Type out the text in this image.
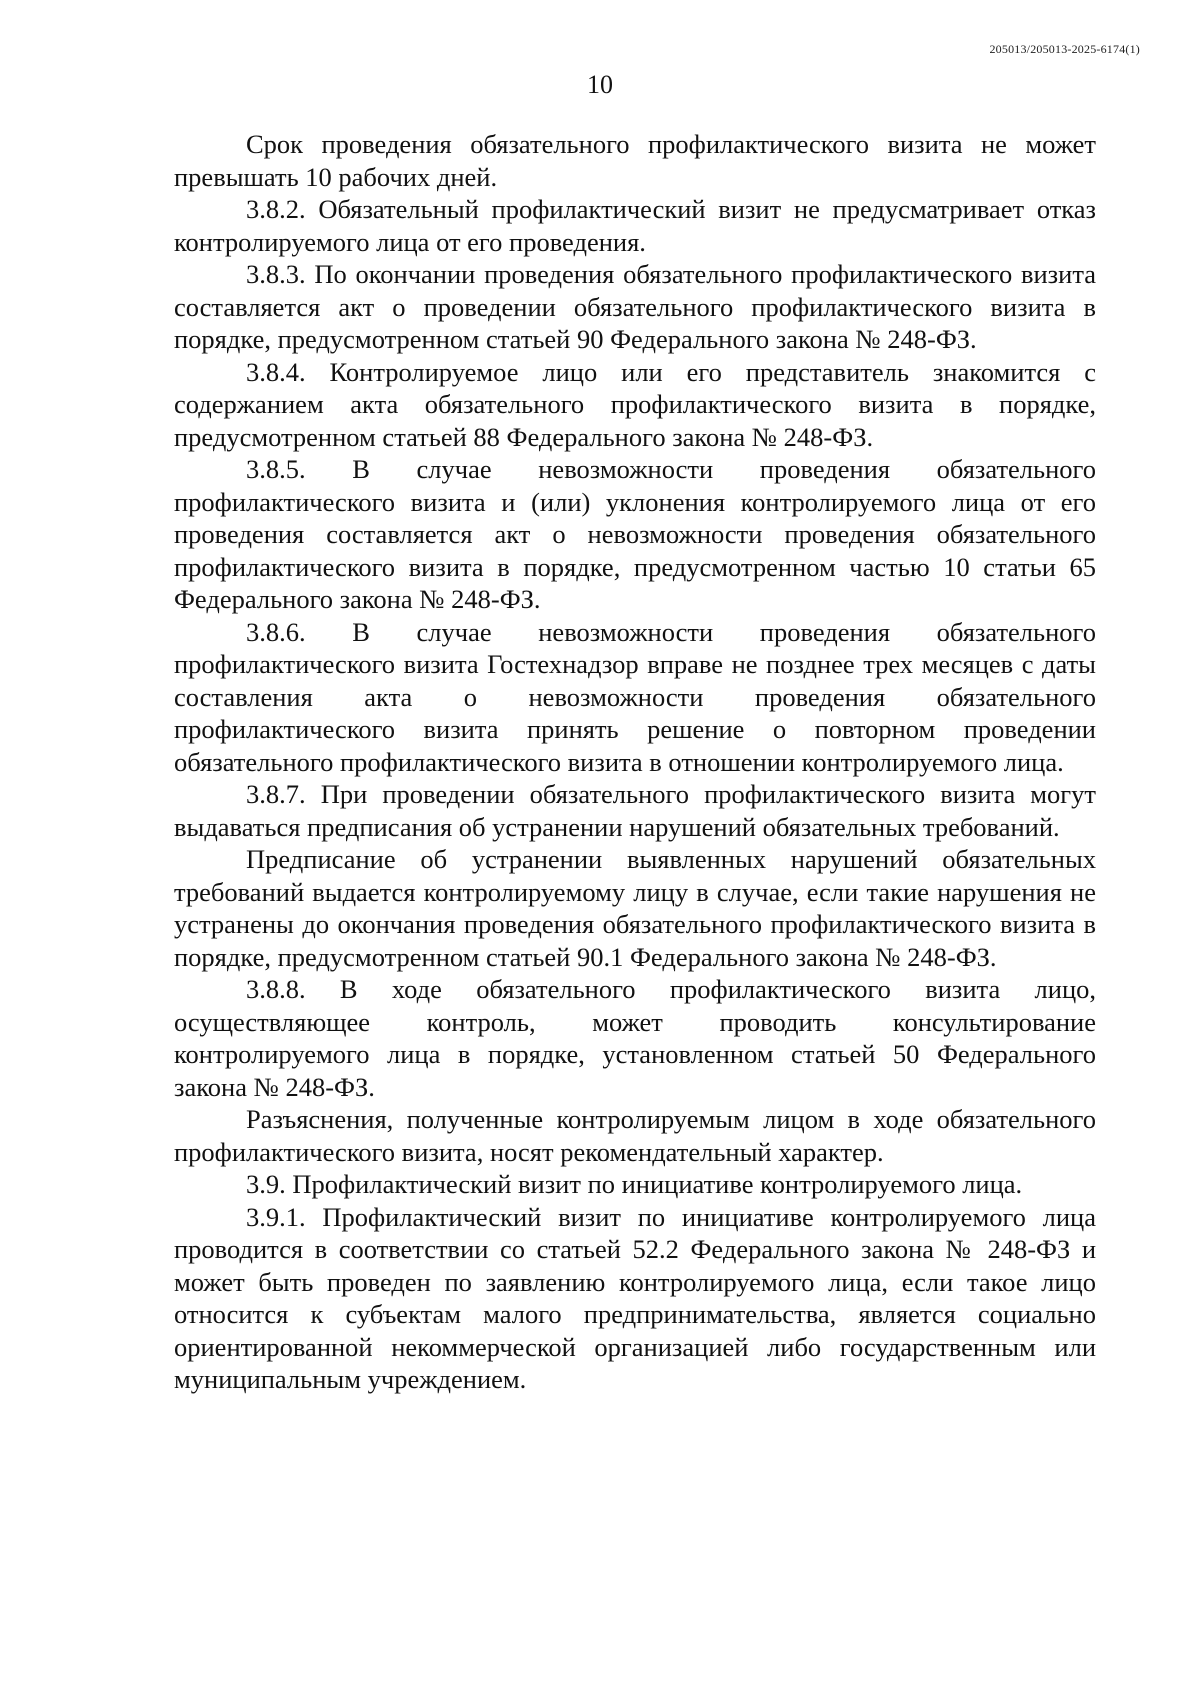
205013/205013-2025-6174(1)
10

Срок проведения обязательного профилактического визита не может превышать 10 рабочих дней.

3.8.2. Обязательный профилактический визит не предусматривает отказ контролируемого лица от его проведения.

3.8.3. По окончании проведения обязательного профилактического визита составляется акт о проведении обязательного профилактического визита в порядке, предусмотренном статьей 90 Федерального закона № 248-ФЗ.

3.8.4. Контролируемое лицо или его представитель знакомится с содержанием акта обязательного профилактического визита в порядке, предусмотренном статьей 88 Федерального закона № 248-ФЗ.

3.8.5. В случае невозможности проведения обязательного профилактического визита и (или) уклонения контролируемого лица от его проведения составляется акт о невозможности проведения обязательного профилактического визита в порядке, предусмотренном частью 10 статьи 65 Федерального закона № 248-ФЗ.

3.8.6. В случае невозможности проведения обязательного профилактического визита Гостехнадзор вправе не позднее трех месяцев с даты составления акта о невозможности проведения обязательного профилактического визита принять решение о повторном проведении обязательного профилактического визита в отношении контролируемого лица.

3.8.7. При проведении обязательного профилактического визита могут выдаваться предписания об устранении нарушений обязательных требований.

Предписание об устранении выявленных нарушений обязательных требований выдается контролируемому лицу в случае, если такие нарушения не устранены до окончания проведения обязательного профилактического визита в порядке, предусмотренном статьей 90.1 Федерального закона № 248-ФЗ.

3.8.8. В ходе обязательного профилактического визита лицо, осуществляющее контроль, может проводить консультирование контролируемого лица в порядке, установленном статьей 50 Федерального закона № 248-ФЗ.

Разъяснения, полученные контролируемым лицом в ходе обязательного профилактического визита, носят рекомендательный характер.

3.9. Профилактический визит по инициативе контролируемого лица.

3.9.1. Профилактический визит по инициативе контролируемого лица проводится в соответствии со статьей 52.2 Федерального закона № 248-ФЗ и может быть проведен по заявлению контролируемого лица, если такое лицо относится к субъектам малого предпринимательства, является социально ориентированной некоммерческой организацией либо государственным или муниципальным учреждением.
